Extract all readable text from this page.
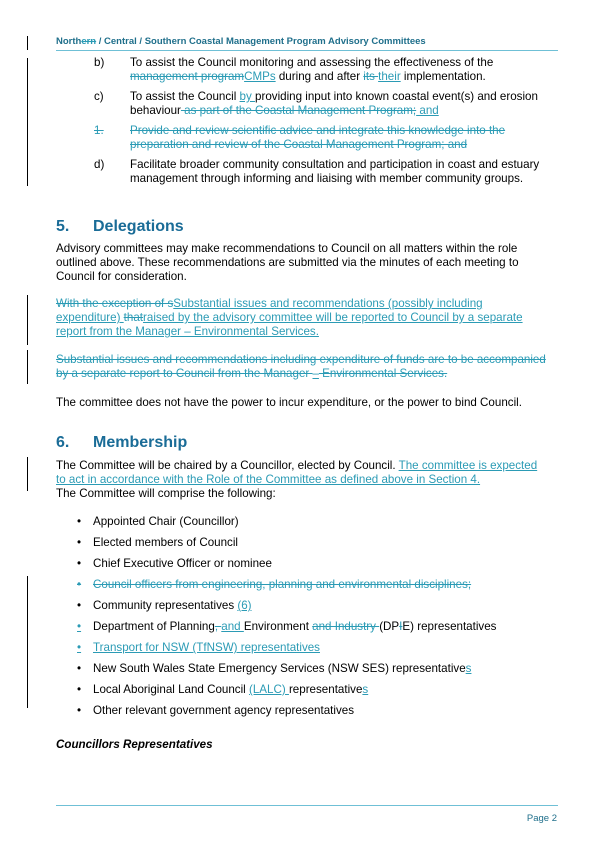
Northern / Central / Southern Coastal Management Program Advisory Committees
b) To assist the Council monitoring and assessing the effectiveness of the management programCMPs during and after its their implementation.
c) To assist the Council by providing input into known coastal event(s) and erosion behaviour as part of the Coastal Management Program; and
1. Provide and review scientific advice and integrate this knowledge into the preparation and review of the Coastal Management Program; and
d) Facilitate broader community consultation and participation in coast and estuary management through informing and liaising with member community groups.
5. Delegations
Advisory committees may make recommendations to Council on all matters within the role outlined above. These recommendations are submitted via the minutes of each meeting to Council for consideration.
With the exception of sSubstantial issues and recommendations (possibly including expenditure) thatraised by the advisory committee will be reported to Council by a separate report from the Manager – Environmental Services.
Substantial issues and recommendations including expenditure of funds are to be accompanied by a separate report to Council from the Manager – Environmental Services.
The committee does not have the power to incur expenditure, or the power to bind Council.
6. Membership
The Committee will be chaired by a Councillor, elected by Council. The committee is expected to act in accordance with the Role of the Committee as defined above in Section 4.
The Committee will comprise the following:
• Appointed Chair (Councillor)
• Elected members of Council
• Chief Executive Officer or nominee
• Council officers from engineering, planning and environmental disciplines;
• Community representatives (6)
• Department of Planning, and Environment and Industry (DPIE) representatives
• Transport for NSW (TfNSW) representatives
• New South Wales State Emergency Services (NSW SES) representatives
• Local Aboriginal Land Council (LALC) representatives
• Other relevant government agency representatives
Councillors Representatives
Page 2
